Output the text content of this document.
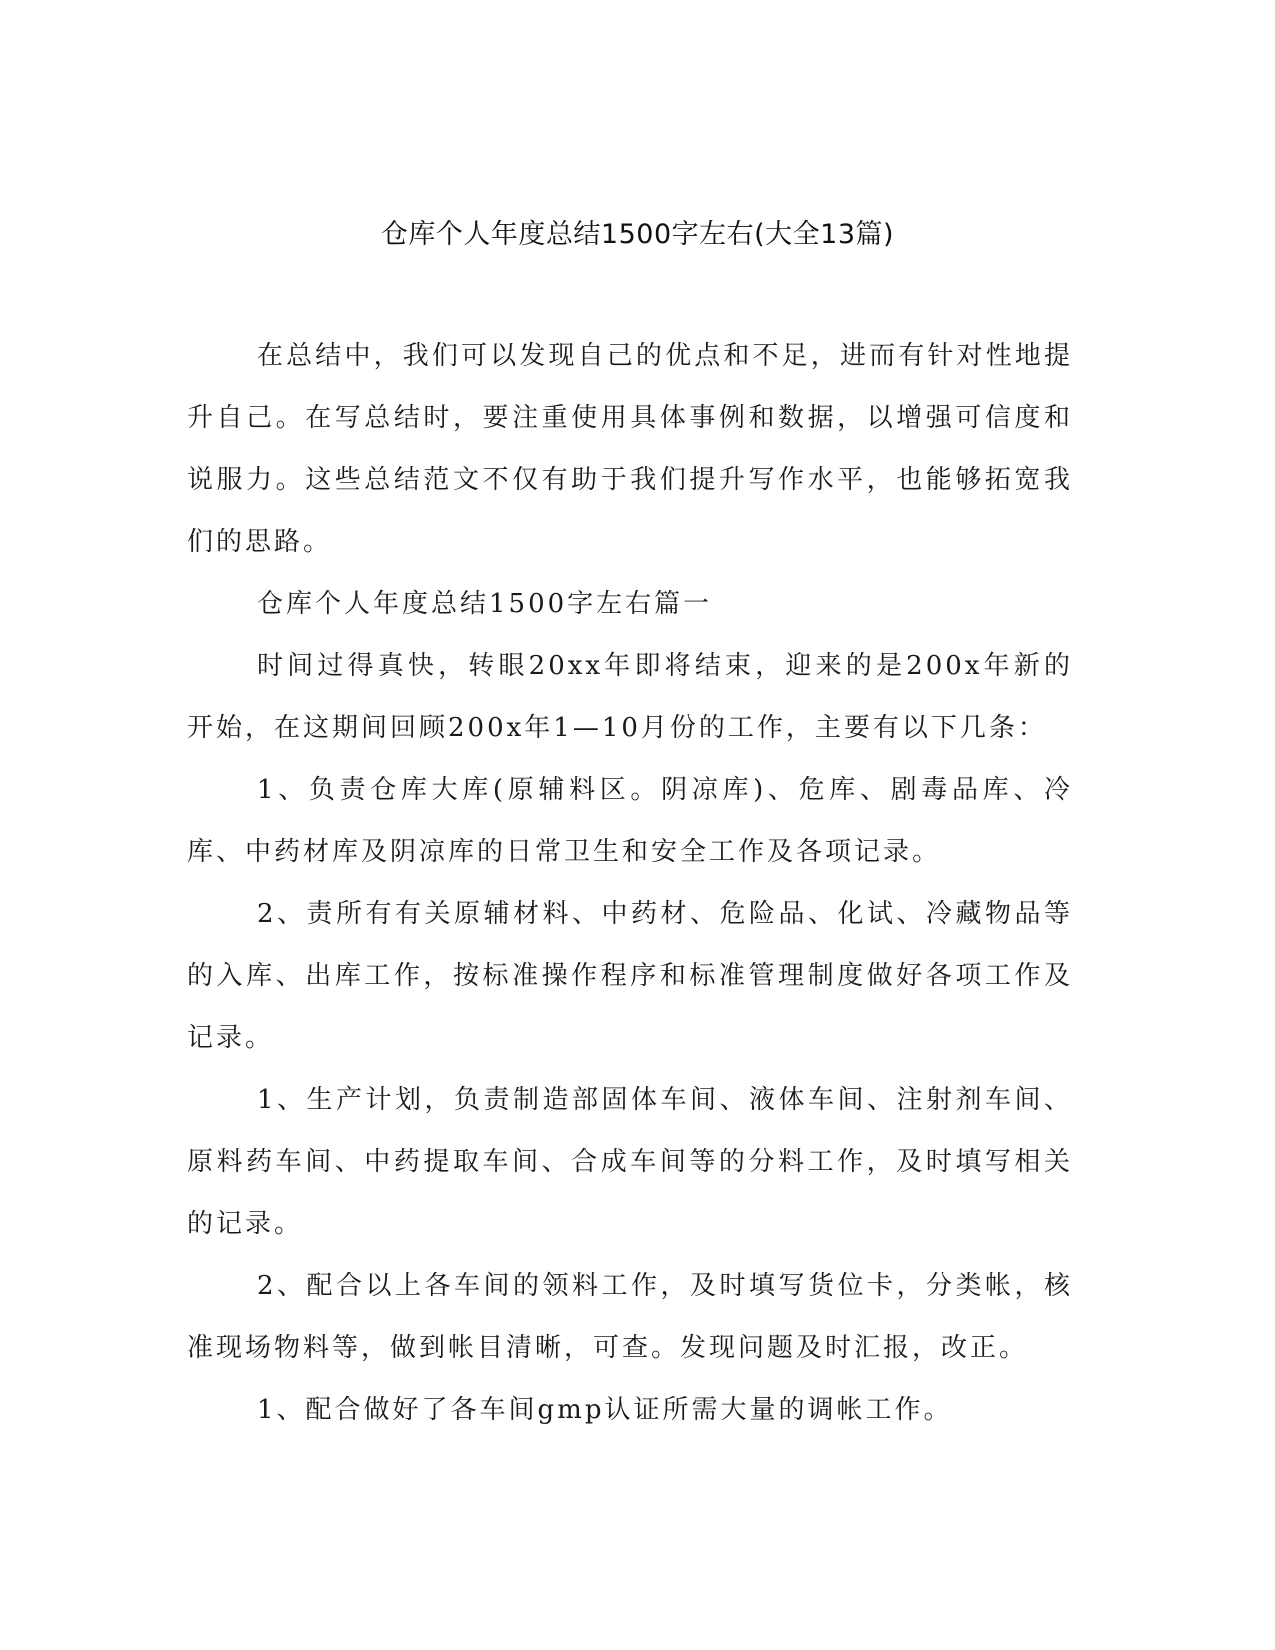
仓库个人年度总结1500字左右(大全13篇)

在总结中，我们可以发现自己的优点和不足，进而有针对性地提升自己。在写总结时，要注重使用具体事例和数据，以增强可信度和说服力。这些总结范文不仅有助于我们提升写作水平，也能够拓宽我们的思路。

仓库个人年度总结1500字左右篇一

时间过得真快，转眼20xx年即将结束，迎来的是200x年新的开始，在这期间回顾200x年1—10月份的工作，主要有以下几条：

1、负责仓库大库(原辅料区。阴凉库)、危库、剧毒品库、冷库、中药材库及阴凉库的日常卫生和安全工作及各项记录。

2、责所有有关原辅材料、中药材、危险品、化试、冷藏物品等的入库、出库工作，按标准操作程序和标准管理制度做好各项工作及记录。

1、生产计划，负责制造部固体车间、液体车间、注射剂车间、原料药车间、中药提取车间、合成车间等的分料工作，及时填写相关的记录。

2、配合以上各车间的领料工作，及时填写货位卡，分类帐，核准现场物料等，做到帐目清晰，可查。发现问题及时汇报，改正。

1、配合做好了各车间gmp认证所需大量的调帐工作。
